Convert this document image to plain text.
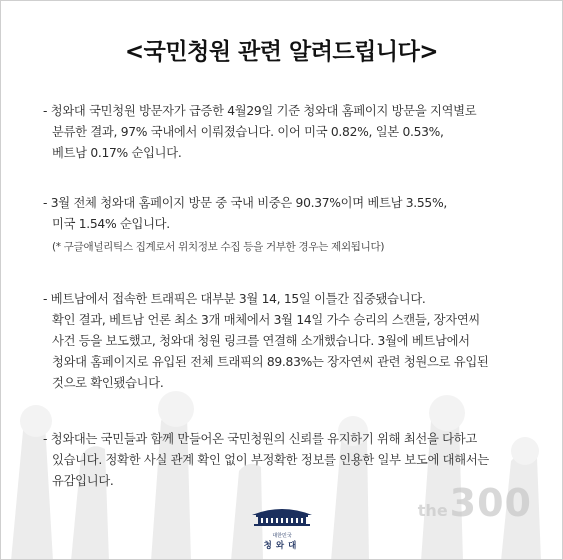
<국민청원 관련 알려드립니다>
- 청와대 국민청원 방문자가 급증한 4월29일 기준 청와대 홈페이지 방문을 지역별로
분류한 결과, 97% 국내에서 이뤄졌습니다. 이어 미국 0.82%, 일본 0.53%,
베트남 0.17% 순입니다.
- 3월 전체 청와대 홈페이지 방문 중 국내 비중은 90.37%이며 베트남 3.55%,
미국 1.54% 순입니다.
(* 구글애널리틱스 집계로서 위치정보 수집 등을 거부한 경우는 제외됩니다)
- 베트남에서 접속한 트래픽은 대부분 3월 14, 15일 이틀간 집중됐습니다.
확인 결과, 베트남 언론 최소 3개 매체에서 3월 14일 가수 승리의 스캔들, 장자연씨
사건 등을 보도했고, 청와대 청원 링크를 연결해 소개했습니다. 3월에 베트남에서
청와대 홈페이지로 유입된 전체 트래픽의 89.83%는 장자연씨 관련 청원으로 유입된
것으로 확인됐습니다.
- 청와대는 국민들과 함께 만들어온 국민청원의 신뢰를 유지하기 위해 최선을 다하고
있습니다. 정확한 사실 관계 확인 없이 부정확한 정보를 인용한 일부 보도에 대해서는
유감입니다.
the 300
대한민국
청와대
